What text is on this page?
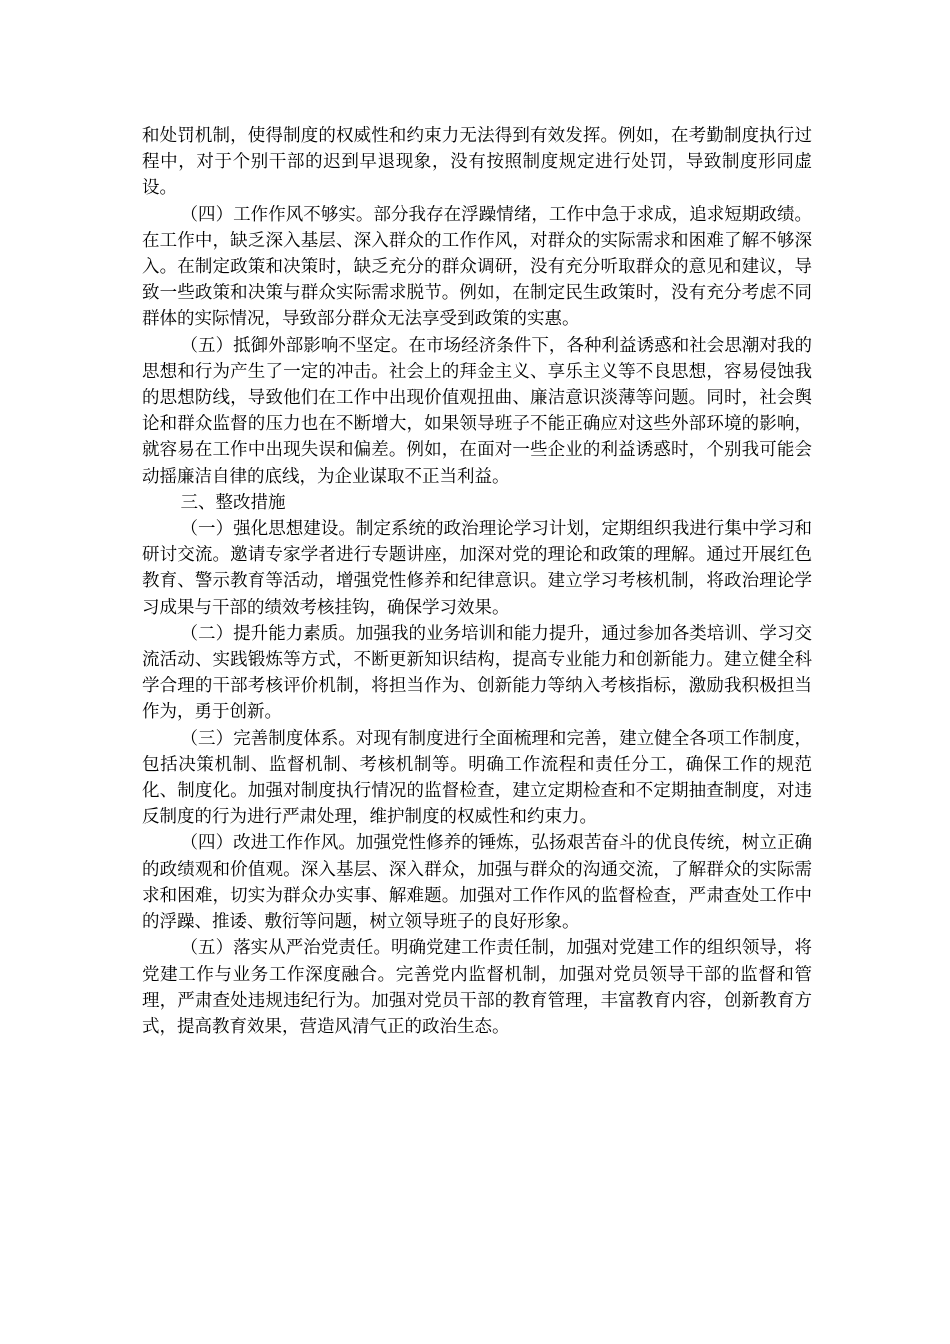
和处罚机制，使得制度的权威性和约束力无法得到有效发挥。例如，在考勤制度执行过程中，对于个别干部的迟到早退现象，没有按照制度规定进行处罚，导致制度形同虚设。

（四）工作作风不够实。部分我存在浮躁情绪，工作中急于求成，追求短期政绩。在工作中，缺乏深入基层、深入群众的工作作风，对群众的实际需求和困难了解不够深入。在制定政策和决策时，缺乏充分的群众调研，没有充分听取群众的意见和建议，导致一些政策和决策与群众实际需求脱节。例如，在制定民生政策时，没有充分考虑不同群体的实际情况，导致部分群众无法享受到政策的实惠。

（五）抵御外部影响不坚定。在市场经济条件下，各种利益诱惑和社会思潮对我的思想和行为产生了一定的冲击。社会上的拜金主义、享乐主义等不良思想，容易侵蚀我的思想防线，导致他们在工作中出现价值观扭曲、廉洁意识淡薄等问题。同时，社会舆论和群众监督的压力也在不断增大，如果领导班子不能正确应对这些外部环境的影响，就容易在工作中出现失误和偏差。例如，在面对一些企业的利益诱惑时，个别我可能会动摇廉洁自律的底线，为企业谋取不正当利益。

三、整改措施

（一）强化思想建设。制定系统的政治理论学习计划，定期组织我进行集中学习和研讨交流。邀请专家学者进行专题讲座，加深对党的理论和政策的理解。通过开展红色教育、警示教育等活动，增强党性修养和纪律意识。建立学习考核机制，将政治理论学习成果与干部的绩效考核挂钩，确保学习效果。

（二）提升能力素质。加强我的业务培训和能力提升，通过参加各类培训、学习交流活动、实践锻炼等方式，不断更新知识结构，提高专业能力和创新能力。建立健全科学合理的干部考核评价机制，将担当作为、创新能力等纳入考核指标，激励我积极担当作为，勇于创新。

（三）完善制度体系。对现有制度进行全面梳理和完善，建立健全各项工作制度，包括决策机制、监督机制、考核机制等。明确工作流程和责任分工，确保工作的规范化、制度化。加强对制度执行情况的监督检查，建立定期检查和不定期抽查制度，对违反制度的行为进行严肃处理，维护制度的权威性和约束力。

（四）改进工作作风。加强党性修养的锤炼，弘扬艰苦奋斗的优良传统，树立正确的政绩观和价值观。深入基层、深入群众，加强与群众的沟通交流，了解群众的实际需求和困难，切实为群众办实事、解难题。加强对工作作风的监督检查，严肃查处工作中的浮躁、推诿、敷衍等问题，树立领导班子的良好形象。

（五）落实从严治党责任。明确党建工作责任制，加强对党建工作的组织领导，将党建工作与业务工作深度融合。完善党内监督机制，加强对党员领导干部的监督和管理，严肃查处违规违纪行为。加强对党员干部的教育管理，丰富教育内容，创新教育方式，提高教育效果，营造风清气正的政治生态。
